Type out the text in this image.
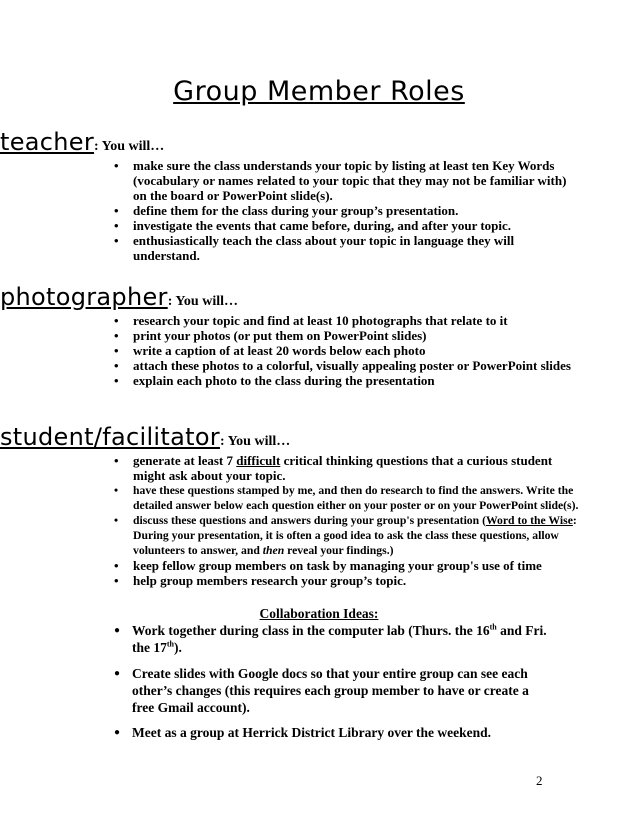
Group Member Roles
teacher: You will…
• make sure the class understands your topic by listing at least ten Key Words (vocabulary or names related to your topic that they may not be familiar with) on the board or PowerPoint slide(s).
• define them for the class during your group’s presentation.
• investigate the events that came before, during, and after your topic.
• enthusiastically teach the class about your topic in language they will understand.
photographer: You will…
• research your topic and find at least 10 photographs that relate to it
• print your photos (or put them on PowerPoint slides)
• write a caption of at least 20 words below each photo
• attach these photos to a colorful, visually appealing poster or PowerPoint slides
• explain each photo to the class during the presentation
student/facilitator: You will…
• generate at least 7 difficult critical thinking questions that a curious student might ask about your topic.
• have these questions stamped by me, and then do research to find the answers. Write the detailed answer below each question either on your poster or on your PowerPoint slide(s).
• discuss these questions and answers during your group's presentation (Word to the Wise: During your presentation, it is often a good idea to ask the class these questions, allow volunteers to answer, and then reveal your findings.)
• keep fellow group members on task by managing your group's use of time
• help group members research your group’s topic.
Collaboration Ideas:
● Work together during class in the computer lab (Thurs. the 16th and Fri. the 17th).
● Create slides with Google docs so that your entire group can see each other’s changes (this requires each group member to have or create a free Gmail account).
● Meet as a group at Herrick District Library over the weekend.
2
